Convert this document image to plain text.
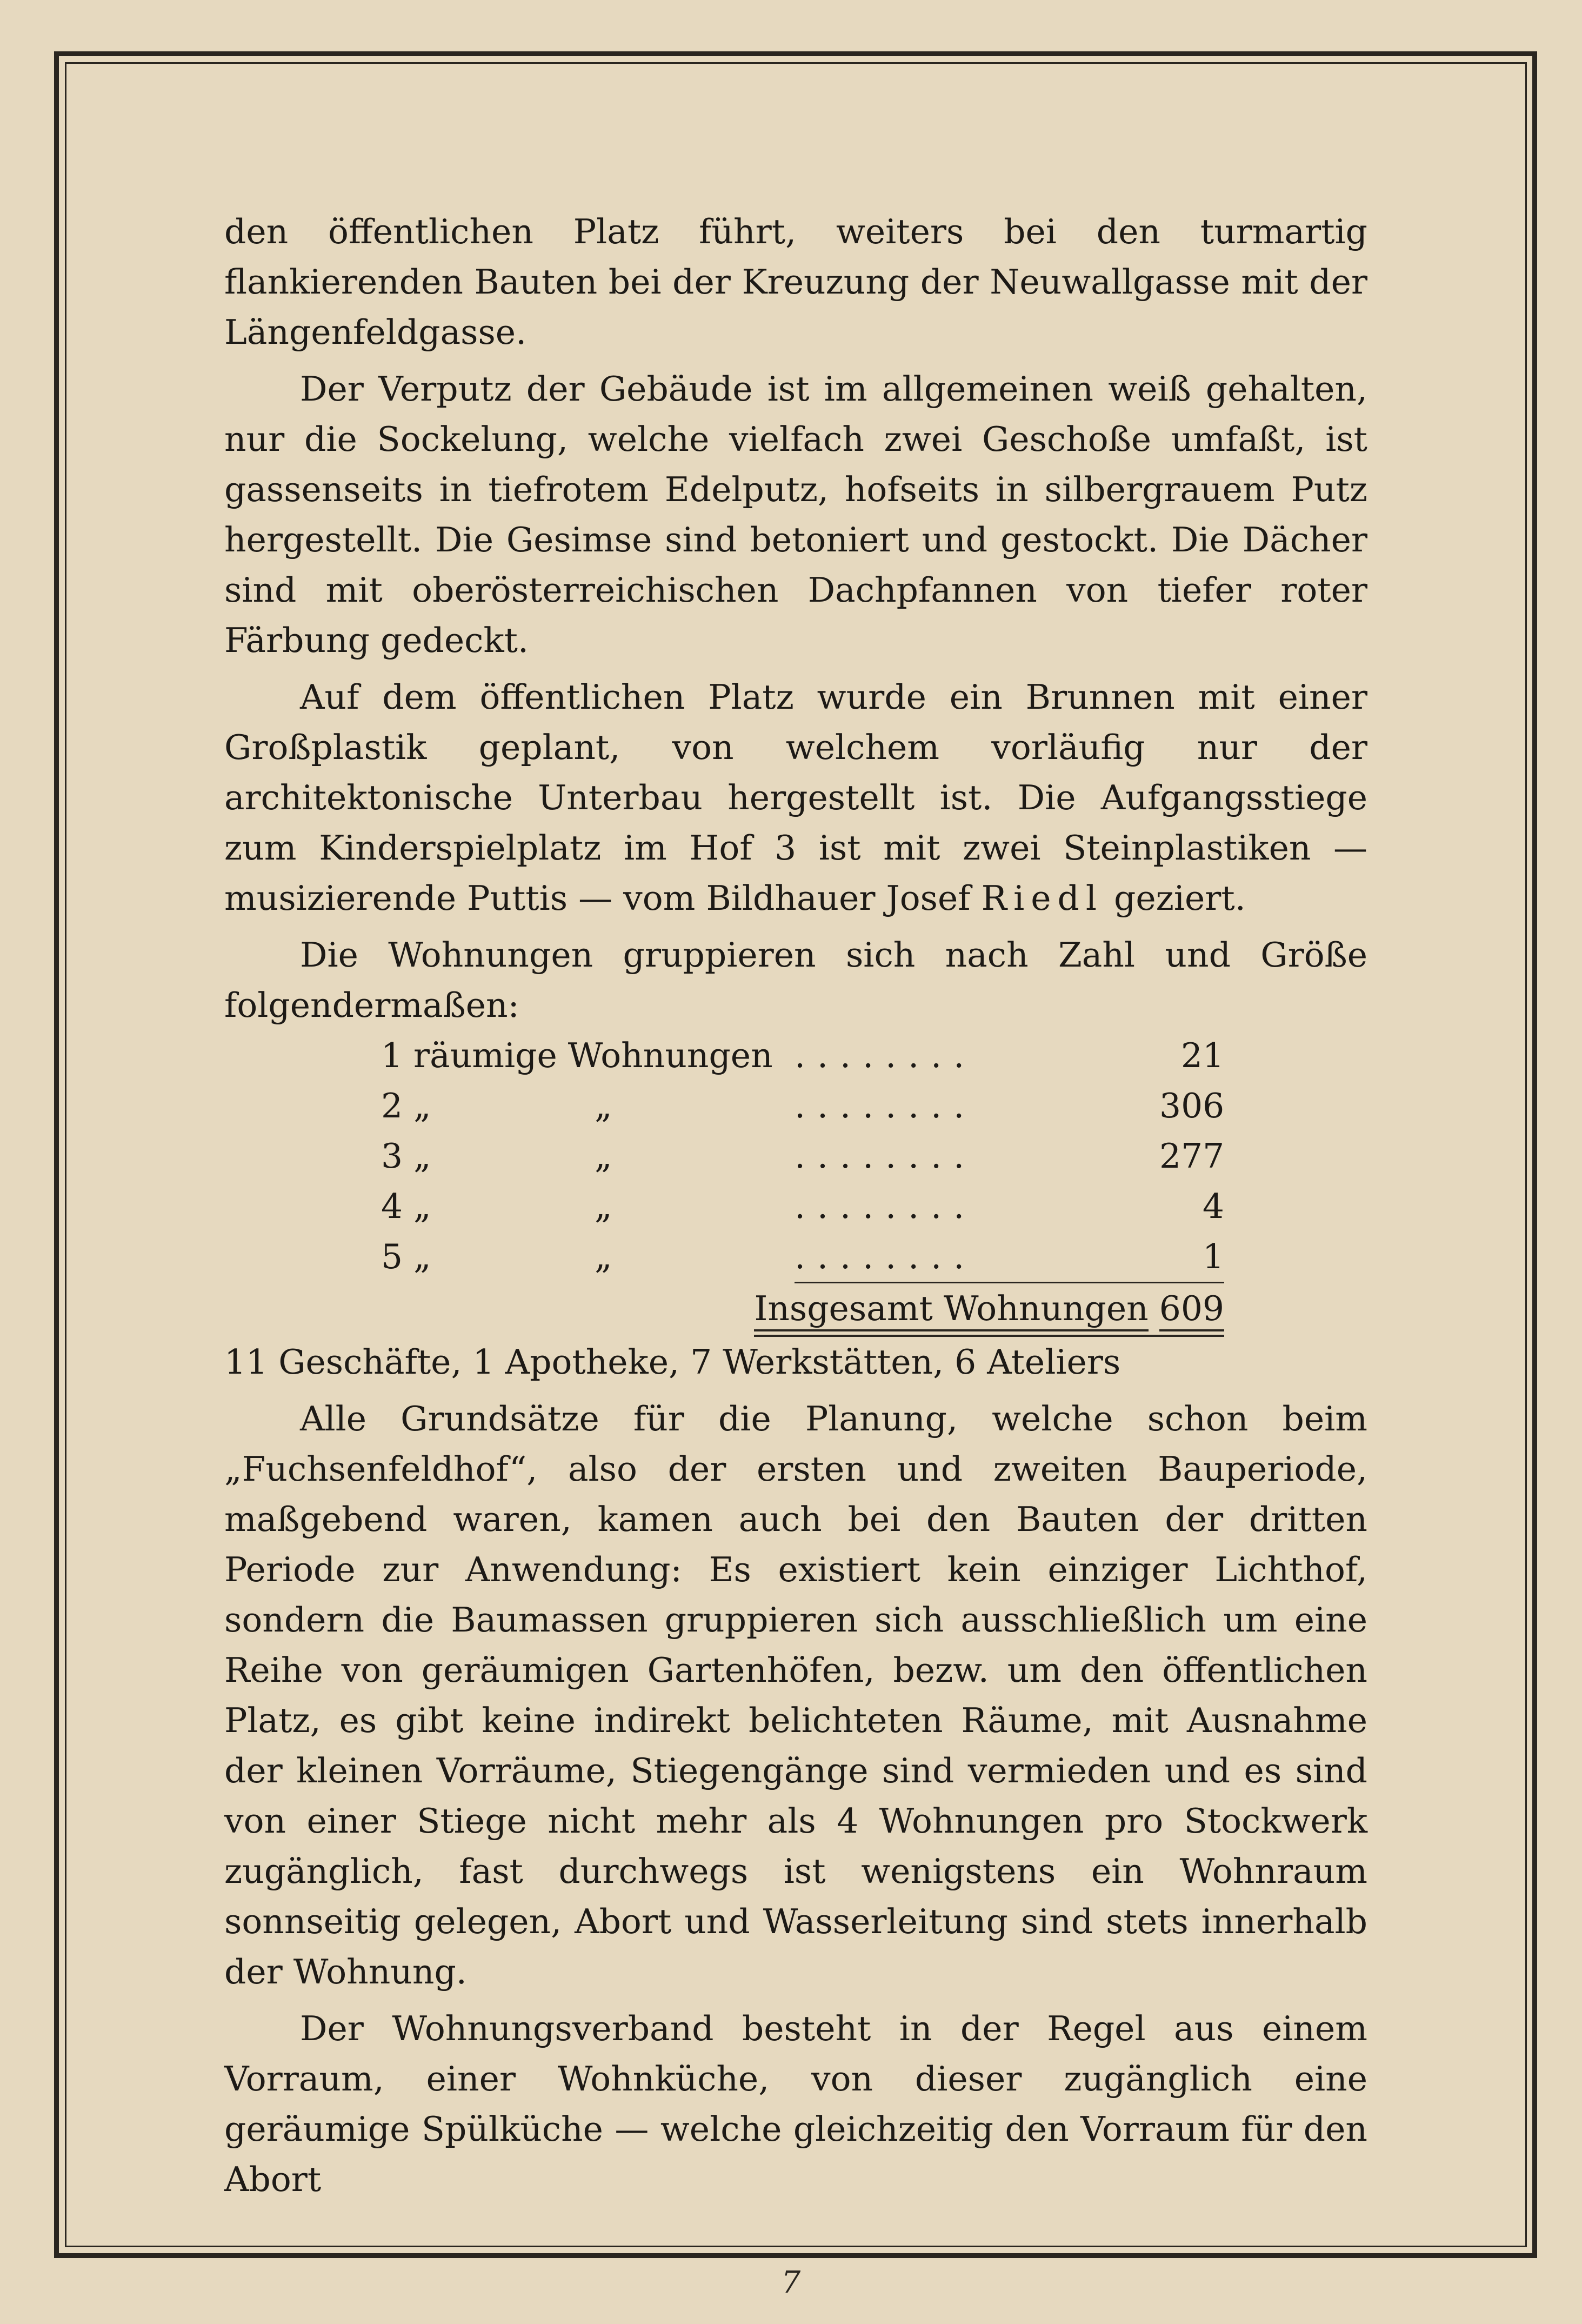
den öffentlichen Platz führt, weiters bei den turmartig flankierenden Bauten bei der Kreuzung der Neuwallgasse mit der Längenfeldgasse.

Der Verputz der Gebäude ist im allgemeinen weiß gehalten, nur die Sockelung, welche vielfach zwei Geschoße umfaßt, ist gassenseits in tiefrotem Edelputz, hofseits in silbergrauem Putz hergestellt. Die Gesimse sind betoniert und gestockt. Die Dächer sind mit oberösterreichischen Dachpfannen von tiefer roter Färbung gedeckt.

Auf dem öffentlichen Platz wurde ein Brunnen mit einer Großplastik geplant, von welchem vorläufig nur der architektonische Unterbau hergestellt ist. Die Aufgangsstiege zum Kinderspielplatz im Hof 3 ist mit zwei Steinplastiken — musizierende Puttis — vom Bildhauer Josef Riedl geziert.

Die Wohnungen gruppieren sich nach Zahl und Größe folgendermaßen:

1 räumige Wohnungen ........	21
2 „	„	........	306
3 „	„	........	277
4 „	„	........	4
5 „	„	........	1
Insgesamt Wohnungen 609

11 Geschäfte, 1 Apotheke, 7 Werkstätten, 6 Ateliers

Alle Grundsätze für die Planung, welche schon beim „Fuchsenfeldhof“, also der ersten und zweiten Bauperiode, maßgebend waren, kamen auch bei den Bauten der dritten Periode zur Anwendung: Es existiert kein einziger Lichthof, sondern die Baumassen gruppieren sich ausschließlich um eine Reihe von geräumigen Gartenhöfen, bezw. um den öffentlichen Platz, es gibt keine indirekt belichteten Räume, mit Ausnahme der kleinen Vorräume, Stiegengänge sind vermieden und es sind von einer Stiege nicht mehr als 4 Wohnungen pro Stockwerk zugänglich, fast durchwegs ist wenigstens ein Wohnraum sonnseitig gelegen, Abort und Wasserleitung sind stets innerhalb der Wohnung.

Der Wohnungsverband besteht in der Regel aus einem Vorraum, einer Wohnküche, von dieser zugänglich eine geräumige Spülküche — welche gleichzeitig den Vorraum für den Abort

7
